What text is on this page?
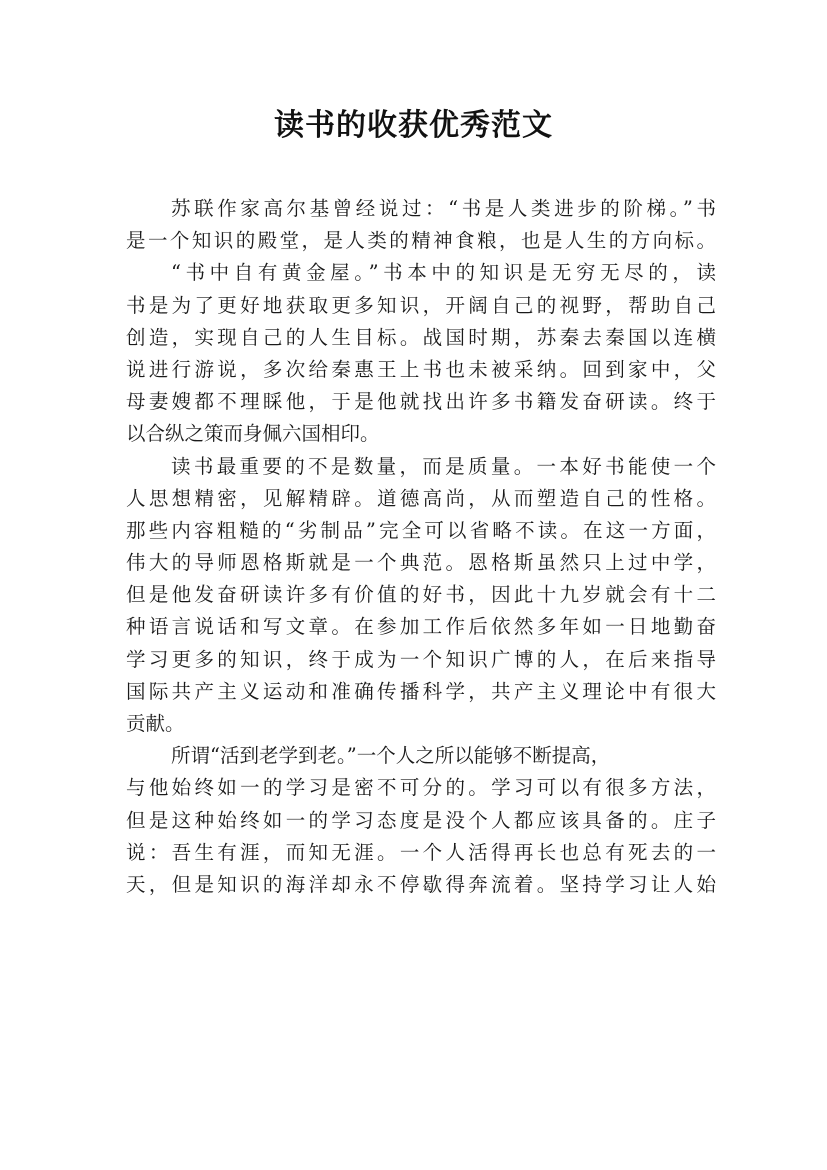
读书的收获优秀范文
苏联作家高尔基曾经说过：“书是人类进步的阶梯。”书
是一个知识的殿堂，是人类的精神食粮，也是人生的方向标。
“书中自有黄金屋。”书本中的知识是无穷无尽的，读
书是为了更好地获取更多知识，开阔自己的视野，帮助自己
创造，实现自己的人生目标。战国时期，苏秦去秦国以连横
说进行游说，多次给秦惠王上书也未被采纳。回到家中，父
母妻嫂都不理睬他，于是他就找出许多书籍发奋研读。终于
以合纵之策而身佩六国相印。
读书最重要的不是数量，而是质量。一本好书能使一个
人思想精密，见解精辟。道德高尚，从而塑造自己的性格。
那些内容粗糙的“劣制品”完全可以省略不读。在这一方面，
伟大的导师恩格斯就是一个典范。恩格斯虽然只上过中学，
但是他发奋研读许多有价值的好书，因此十九岁就会有十二
种语言说话和写文章。在参加工作后依然多年如一日地勤奋
学习更多的知识，终于成为一个知识广博的人，在后来指导
国际共产主义运动和准确传播科学，共产主义理论中有很大
贡献。
所谓“活到老学到老。”一个人之所以能够不断提高，
与他始终如一的学习是密不可分的。学习可以有很多方法，
但是这种始终如一的学习态度是没个人都应该具备的。庄子
说：吾生有涯，而知无涯。一个人活得再长也总有死去的一
天，但是知识的海洋却永不停歇得奔流着。坚持学习让人始
